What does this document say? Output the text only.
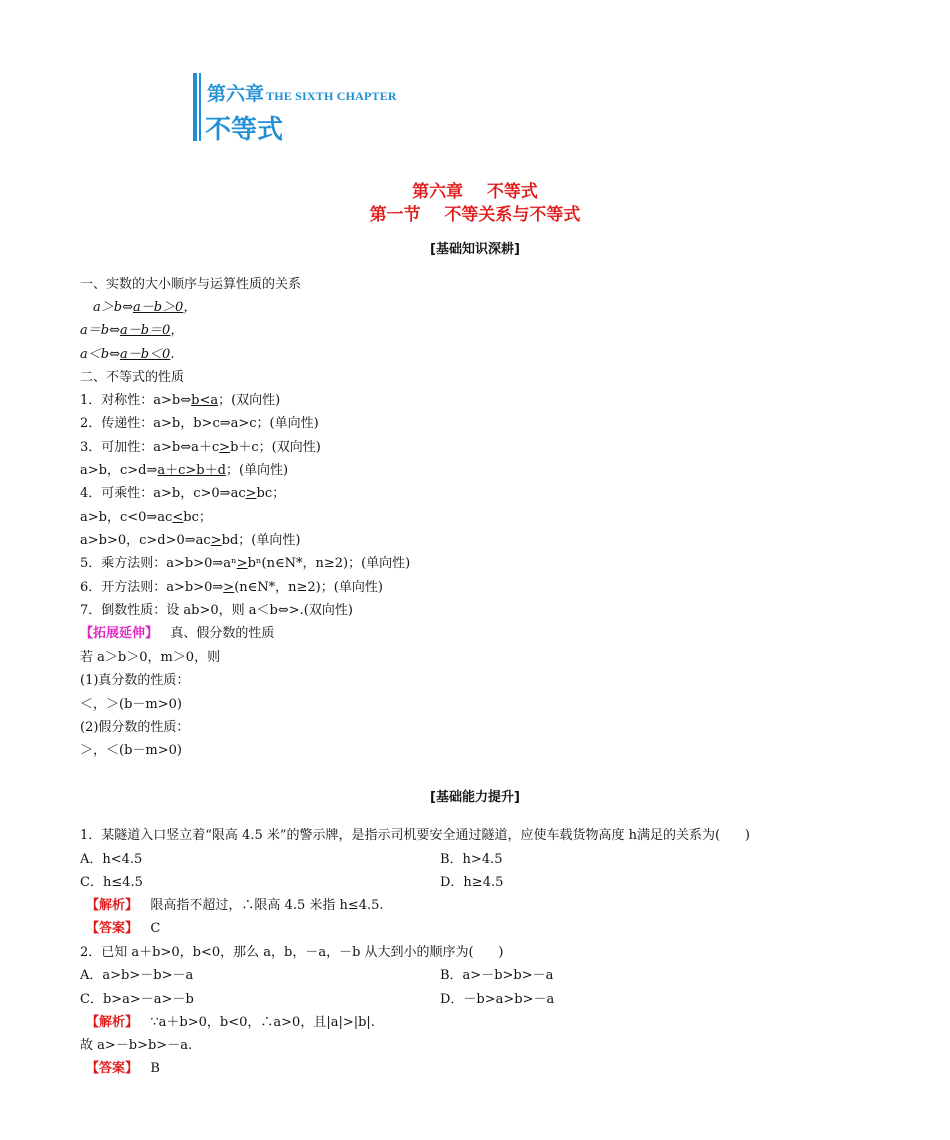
第六章 THE SIXTH CHAPTER
不等式
第六章    不等式
第一节    不等关系与不等式
[基础知识深耕]
一、实数的大小顺序与运算性质的关系
a＞b⇔a－b＞0，
a＝b⇔a－b＝0，
a＜b⇔a－b＜0.
二、不等式的性质
1．对称性：a>b⇔b<a；(双向性)
2．传递性：a>b，b>c⇒a>c；(单向性)
3．可加性：a>b⇔a＋c>b＋c；(双向性)
a>b，c>d⇒a＋c>b＋d；(单向性)
4．可乘性：a>b，c>0⇒ac>bc；
a>b，c<0⇒ac<bc；
a>b>0，c>d>0⇒ac>bd；(单向性)
5．乘方法则：a>b>0⇒aⁿ>bⁿ(n∈N*，n≥2)；(单向性)
6．开方法则：a>b>0⇒>(n∈N*，n≥2)；(单向性)
7．倒数性质：设 ab>0，则 a＜b⇔>.(双向性)
【拓展延伸】   真、假分数的性质
若 a＞b＞0，m＞0，则
(1)真分数的性质：
＜，＞(b－m>0)
(2)假分数的性质：
＞，＜(b－m>0)
[基础能力提升]
1．某隧道入口竖立着“限高 4.5 米”的警示牌，是指示司机要安全通过隧道，应使车载货物高度 h满足的关系为(      )
A．h<4.5	B．h>4.5
C．h≤4.5	D．h≥4.5
【解析】   限高指不超过，∴限高 4.5 米指 h≤4.5.
【答案】   C
2．已知 a＋b>0，b<0，那么 a，b，－a，－b 从大到小的顺序为(      )
A．a>b>－b>－a	B．a>－b>b>－a
C．b>a>－a>－b	D．－b>a>b>－a
【解析】   ∵a＋b>0，b<0，∴a>0，且|a|>|b|.
故 a>－b>b>－a.
【答案】   B
